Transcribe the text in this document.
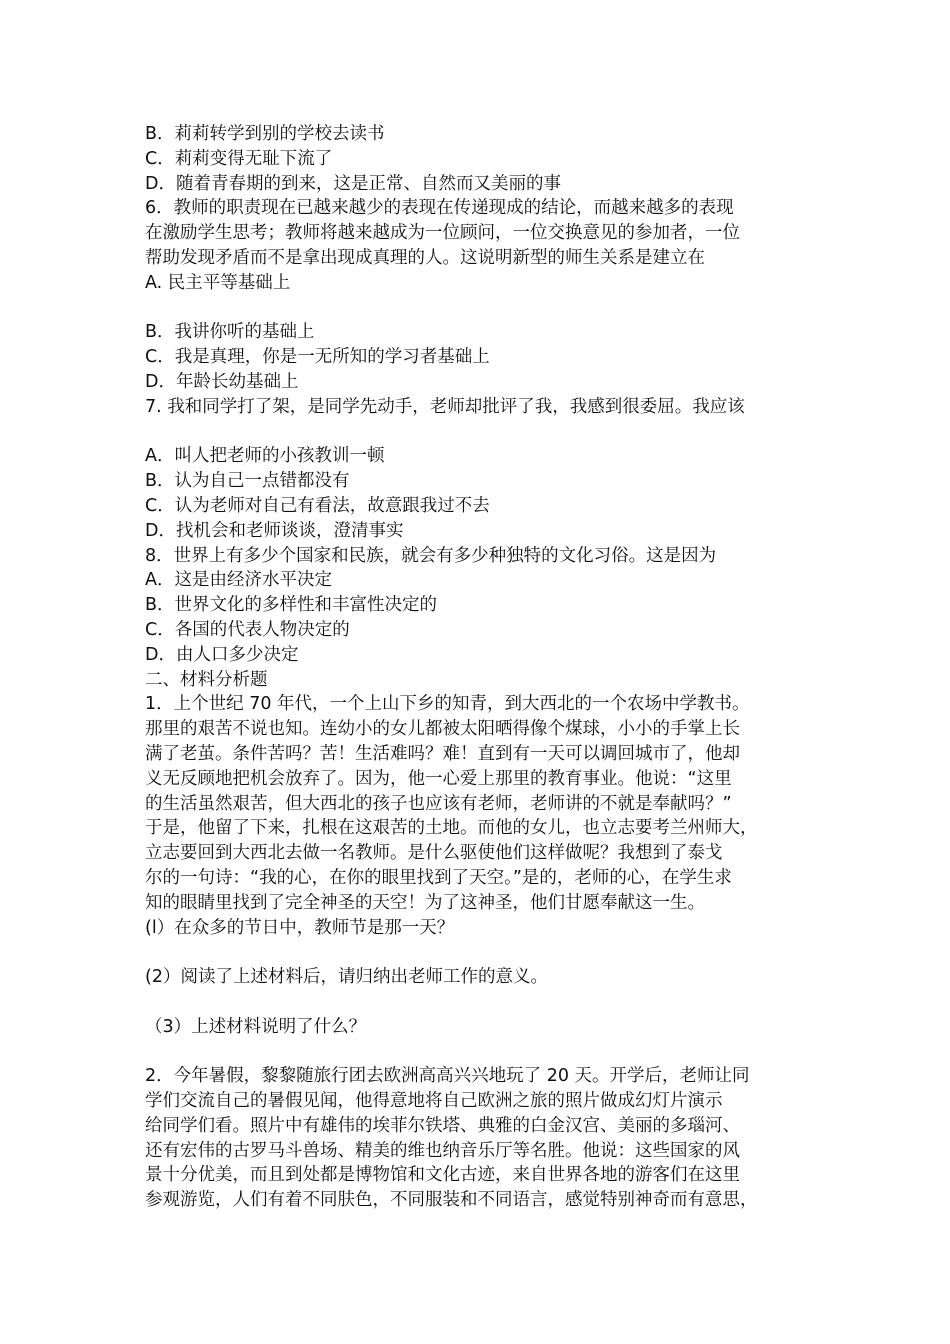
B．莉莉转学到别的学校去读书

C．莉莉变得无耻下流了

D．随着青春期的到来，这是正常、自然而又美丽的事

6．教师的职责现在已越来越少的表现在传递现成的结论，而越来越多的表现

在激励学生思考；教师将越来越成为一位顾问，一位交换意见的参加者，一位

帮助发现矛盾而不是拿出现成真理的人。这说明新型的师生关系是建立在

A. 民主平等基础上

B．我讲你听的基础上

C．我是真理，你是一无所知的学习者基础上

D．年龄长幼基础上

7. 我和同学打了架，是同学先动手，老师却批评了我，我感到很委屈。我应该

A．叫人把老师的小孩教训一顿

B．认为自己一点错都没有

C．认为老师对自己有看法，故意跟我过不去

D．找机会和老师谈谈，澄清事实

8．世界上有多少个国家和民族，就会有多少种独特的文化习俗。这是因为

A．这是由经济水平决定

B．世界文化的多样性和丰富性决定的

C．各国的代表人物决定的

D．由人口多少决定

二、材料分析题

1．上个世纪 70 年代，一个上山下乡的知青，到大西北的一个农场中学教书。

那里的艰苦不说也知。连幼小的女儿都被太阳晒得像个煤球，小小的手掌上长

满了老茧。条件苦吗？苦！生活难吗？难！直到有一天可以调回城市了，他却

义无反顾地把机会放弃了。因为，他一心爱上那里的教育事业。他说：“这里

的生活虽然艰苦，但大西北的孩子也应该有老师，老师讲的不就是奉献吗？”

于是，他留了下来，扎根在这艰苦的土地。而他的女儿，也立志要考兰州师大，

立志要回到大西北去做一名教师。是什么驱使他们这样做呢？我想到了泰戈

尔的一句诗：“我的心，在你的眼里找到了天空。”是的，老师的心，在学生求

知的眼睛里找到了完全神圣的天空！为了这神圣，他们甘愿奉献这一生。

(l）在众多的节日中，教师节是那一天？

(2）阅读了上述材料后，请归纳出老师工作的意义。

（3）上述材料说明了什么？

2．今年暑假，黎黎随旅行团去欧洲高高兴兴地玩了 20 天。开学后，老师让同

学们交流自己的暑假见闻，他得意地将自己欧洲之旅的照片做成幻灯片演示

给同学们看。照片中有雄伟的埃菲尔铁塔、典雅的白金汉宫、美丽的多瑙河、

还有宏伟的古罗马斗兽场、精美的维也纳音乐厅等名胜。他说：这些国家的风

景十分优美，而且到处都是博物馆和文化古迹，来自世界各地的游客们在这里

参观游览，人们有着不同肤色，不同服装和不同语言，感觉特别神奇而有意思，
